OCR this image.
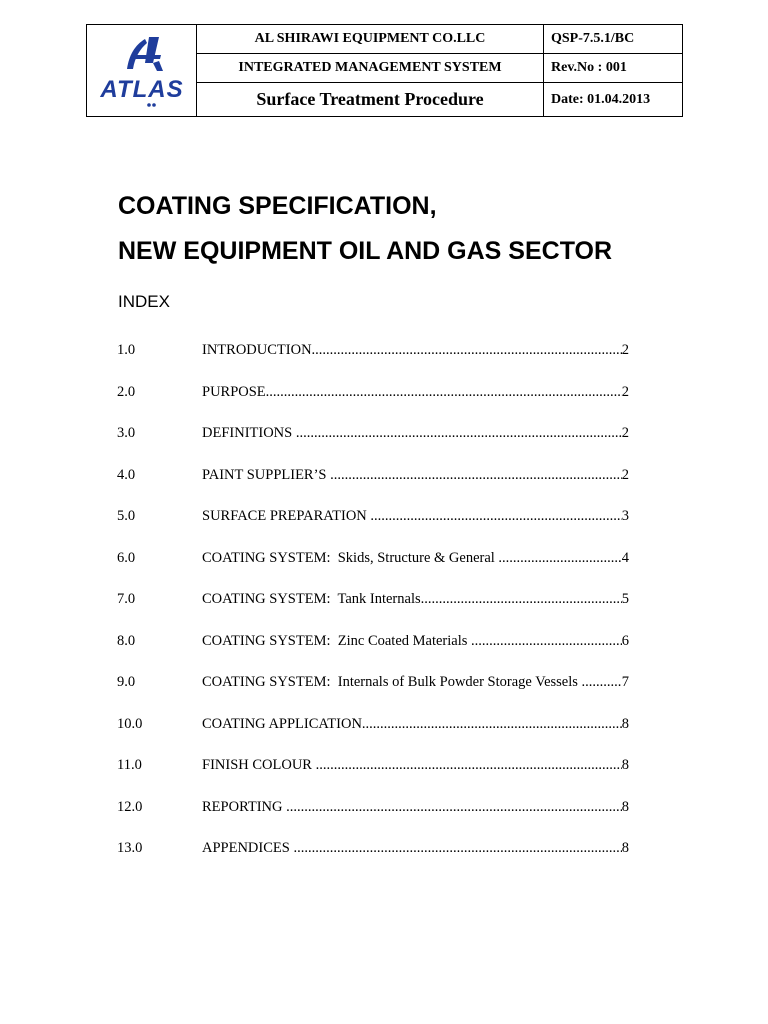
ATLAS
AL SHIRAWI EQUIPMENT CO.LLC	QSP-7.5.1/BC
INTEGRATED MANAGEMENT SYSTEM	Rev.No : 001
Surface Treatment Procedure	Date: 01.04.2013
COATING SPECIFICATION,
NEW EQUIPMENT OIL AND GAS SECTOR
INDEX
1.0	INTRODUCTION .....	2
2.0	PURPOSE .....	2
3.0	DEFINITIONS .....	2
4.0	PAINT SUPPLIER’S .....	2
5.0	SURFACE PREPARATION .....	3
6.0	COATING SYSTEM:  Skids, Structure & General .....	4
7.0	COATING SYSTEM:  Tank Internals .....	5
8.0	COATING SYSTEM:  Zinc Coated Materials .....	6
9.0	COATING SYSTEM:  Internals of Bulk Powder Storage Vessels .....	7
10.0	COATING APPLICATION .....	8
11.0	FINISH COLOUR .....	8
12.0	REPORTING .....	8
13.0	APPENDICES .....	8
